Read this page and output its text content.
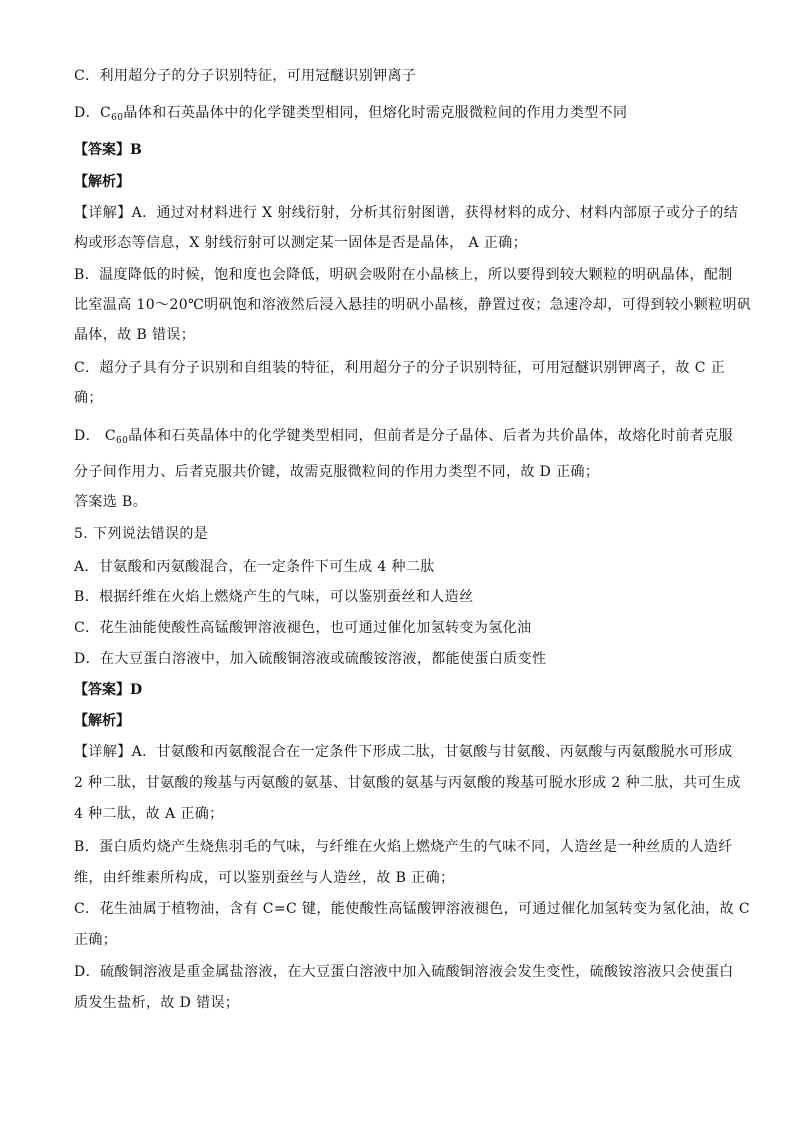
C．利用超分子的分子识别特征，可用冠醚识别钾离子
D．$C_{60}$晶体和石英晶体中的化学键类型相同，但熔化时需克服微粒间的作用力类型不同
【答案】B
【解析】
【详解】A．通过对材料进行 X 射线衍射，分析其衍射图谱，获得材料的成分、材料内部原子或分子的结
构或形态等信息，X 射线衍射可以测定某一固体是否是晶体， A 正确；
B．温度降低的时候，饱和度也会降低，明矾会吸附在小晶核上，所以要得到较大颗粒的明矾晶体，配制
比室温高 10～20℃明矾饱和溶液然后浸入悬挂的明矾小晶核，静置过夜；急速冷却，可得到较小颗粒明矾
晶体，故 B 错误；
C．超分子具有分子识别和自组装的特征，利用超分子的分子识别特征，可用冠醚识别钾离子，故 C 正
确；
D． $C_{60}$晶体和石英晶体中的化学键类型相同，但前者是分子晶体、后者为共价晶体，故熔化时前者克服
分子间作用力、后者克服共价键，故需克服微粒间的作用力类型不同，故 D 正确；
答案选 B。
5. 下列说法错误的是
A．甘氨酸和丙氨酸混合，在一定条件下可生成 4 种二肽
B．根据纤维在火焰上燃烧产生的气味，可以鉴别蚕丝和人造丝
C．花生油能使酸性高锰酸钾溶液褪色，也可通过催化加氢转变为氢化油
D．在大豆蛋白溶液中，加入硫酸铜溶液或硫酸铵溶液，都能使蛋白质变性
【答案】D
【解析】
【详解】A．甘氨酸和丙氨酸混合在一定条件下形成二肽，甘氨酸与甘氨酸、丙氨酸与丙氨酸脱水可形成
2 种二肽，甘氨酸的羧基与丙氨酸的氨基、甘氨酸的氨基与丙氨酸的羧基可脱水形成 2 种二肽，共可生成
4 种二肽，故 A 正确；
B．蛋白质灼烧产生烧焦羽毛的气味，与纤维在火焰上燃烧产生的气味不同，人造丝是一种丝质的人造纤
维，由纤维素所构成，可以鉴别蚕丝与人造丝，故 B 正确；
C．花生油属于植物油，含有 C=C 键，能使酸性高锰酸钾溶液褪色，可通过催化加氢转变为氢化油，故 C
正确；
D．硫酸铜溶液是重金属盐溶液，在大豆蛋白溶液中加入硫酸铜溶液会发生变性，硫酸铵溶液只会使蛋白
质发生盐析，故 D 错误；
